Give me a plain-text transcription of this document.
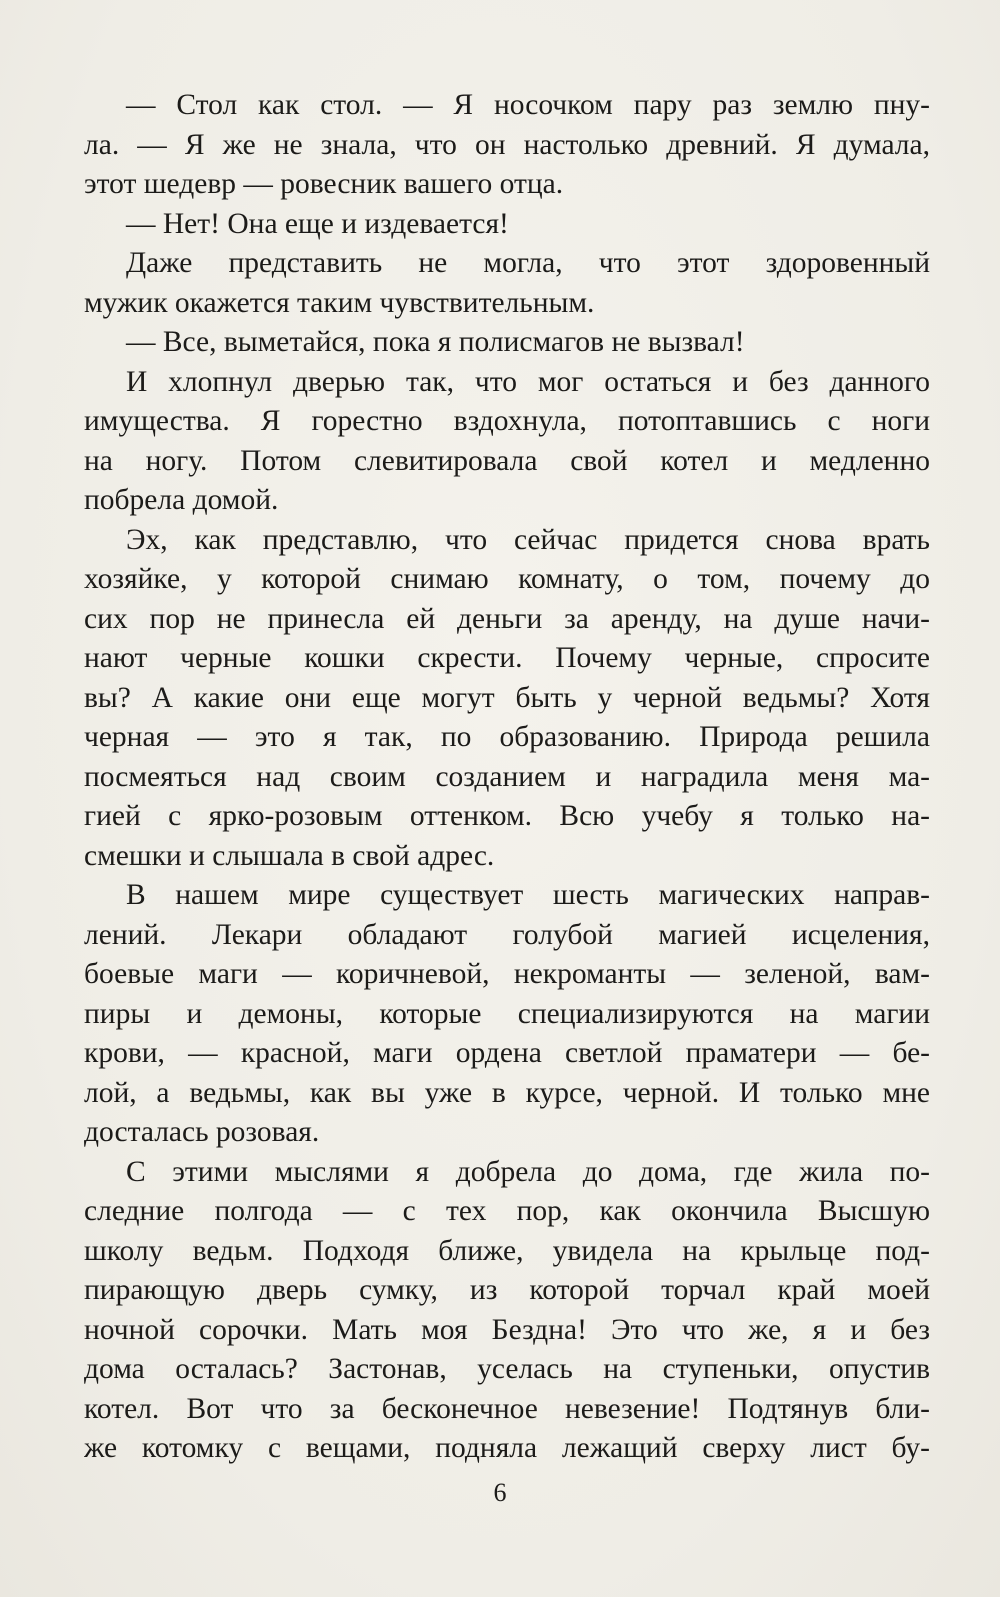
— Стол как стол. — Я носочком пару раз землю пну-
ла. — Я же не знала, что он настолько древний. Я думала,
этот шедевр — ровесник вашего отца.
— Нет! Она еще и издевается!
Даже представить не могла, что этот здоровенный
мужик окажется таким чувствительным.
— Все, выметайся, пока я полисмагов не вызвал!
И хлопнул дверью так, что мог остаться и без данного
имущества. Я горестно вздохнула, потоптавшись с ноги
на ногу. Потом слевитировала свой котел и медленно
побрела домой.
Эх, как представлю, что сейчас придется снова врать
хозяйке, у которой снимаю комнату, о том, почему до
сих пор не принесла ей деньги за аренду, на душе начи-
нают черные кошки скрести. Почему черные, спросите
вы? А какие они еще могут быть у черной ведьмы? Хотя
черная — это я так, по образованию. Природа решила
посмеяться над своим созданием и наградила меня ма-
гией с ярко-розовым оттенком. Всю учебу я только на-
смешки и слышала в свой адрес.
В нашем мире существует шесть магических направ-
лений. Лекари обладают голубой магией исцеления,
боевые маги — коричневой, некроманты — зеленой, вам-
пиры и демоны, которые специализируются на магии
крови, — красной, маги ордена светлой праматери — бе-
лой, а ведьмы, как вы уже в курсе, черной. И только мне
досталась розовая.
С этими мыслями я добрела до дома, где жила по-
следние полгода — с тех пор, как окончила Высшую
школу ведьм. Подходя ближе, увидела на крыльце под-
пирающую дверь сумку, из которой торчал край моей
ночной сорочки. Мать моя Бездна! Это что же, я и без
дома осталась? Застонав, уселась на ступеньки, опустив
котел. Вот что за бесконечное невезение! Подтянув бли-
же котомку с вещами, подняла лежащий сверху лист бу-
6
